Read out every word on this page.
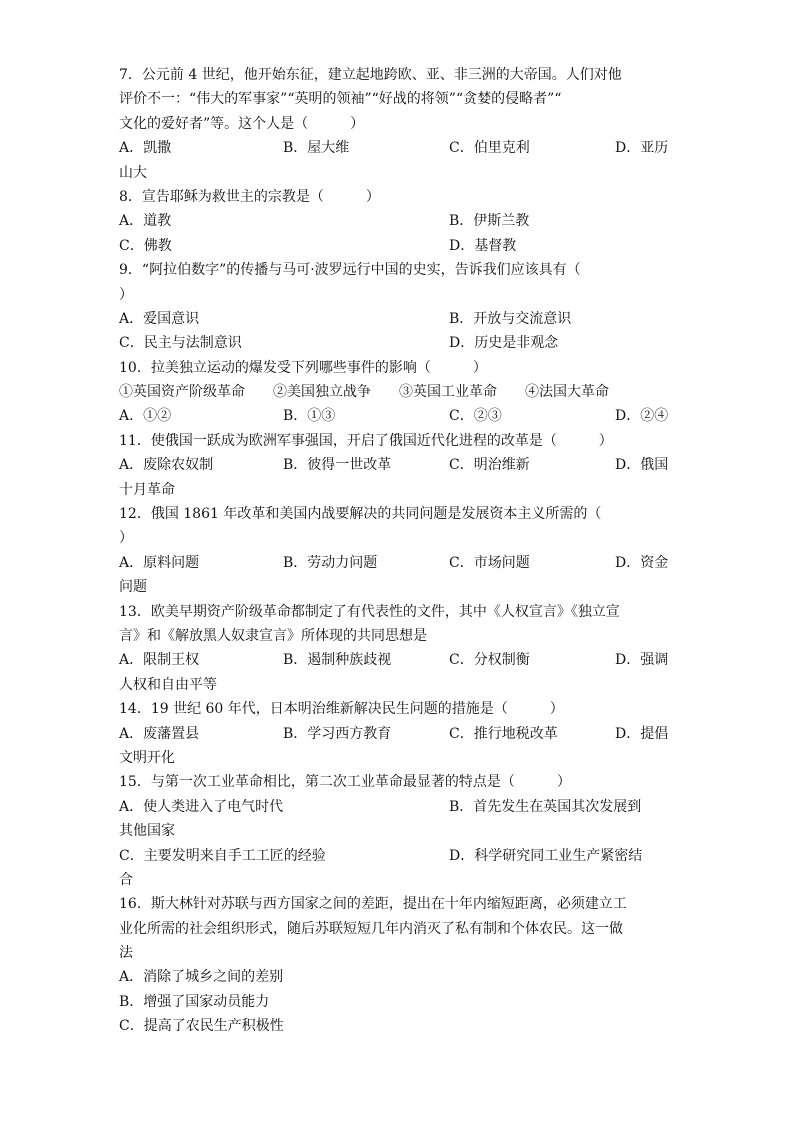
7．公元前 4 世纪，他开始东征，建立起地跨欧、亚、非三洲的大帝国。人们对他
评价不一：“伟大的军事家”“英明的领袖”“好战的将领”“贪婪的侵略者”“
文化的爱好者”等。这个人是（　　　）
A．凯撒	B．屋大维	C．伯里克利	D．亚历
山大
8．宣告耶稣为救世主的宗教是（　　　）
A．道教	B．伊斯兰教
C．佛教	D．基督教
9．“阿拉伯数字”的传播与马可·波罗远行中国的史实，告诉我们应该具有（
）
A．爱国意识	B．开放与交流意识
C．民主与法制意识	D．历史是非观念
10．拉美独立运动的爆发受下列哪些事件的影响（　　　）
①英国资产阶级革命　　②美国独立战争　　③英国工业革命　　④法国大革命
A．①②	B．①③	C．②③	D．②④
11．使俄国一跃成为欧洲军事强国，开启了俄国近代化进程的改革是（　　　）
A．废除农奴制	B．彼得一世改革	C．明治维新	D．俄国
十月革命
12．俄国 1861 年改革和美国内战要解决的共同问题是发展资本主义所需的（
）
A．原料问题	B．劳动力问题	C．市场问题	D．资金
问题
13．欧美早期资产阶级革命都制定了有代表性的文件，其中《人权宣言》《独立宣
言》和《解放黑人奴隶宣言》所体现的共同思想是
A．限制王权	B．遏制种族歧视	C．分权制衡	D．强调
人权和自由平等
14．19 世纪 60 年代，日本明治维新解决民生问题的措施是（　　　）
A．废藩置县	B．学习西方教育	C．推行地税改革	D．提倡
文明开化
15．与第一次工业革命相比，第二次工业革命最显著的特点是（　　　）
A．使人类进入了电气时代	B．首先发生在英国其次发展到
其他国家
C．主要发明来自手工工匠的经验	D．科学研究同工业生产紧密结
合
16．斯大林针对苏联与西方国家之间的差距，提出在十年内缩短距离，必须建立工
业化所需的社会组织形式，随后苏联短短几年内消灭了私有制和个体农民。这一做
法
A．消除了城乡之间的差别
B．增强了国家动员能力
C．提高了农民生产积极性
